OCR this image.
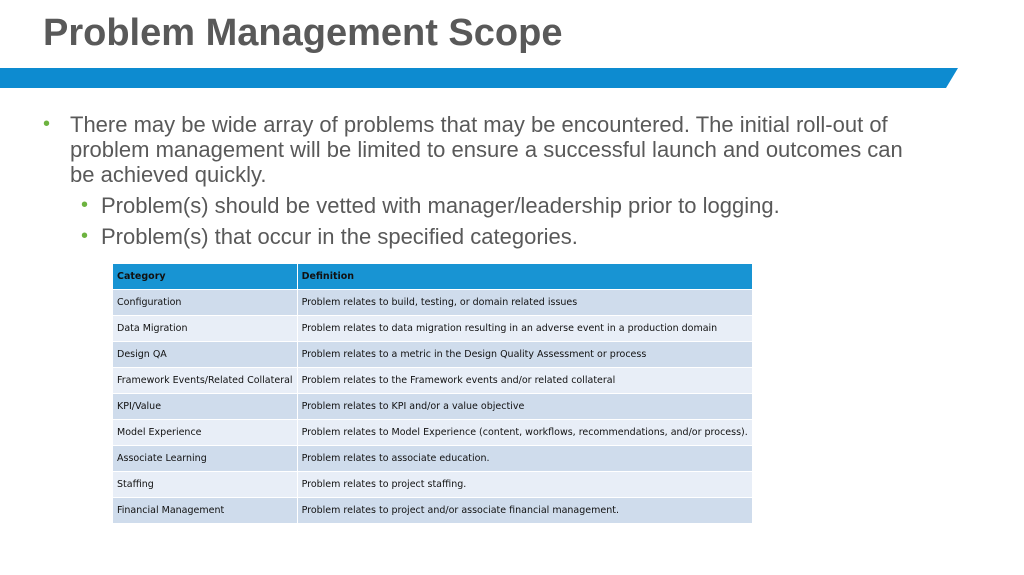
Problem Management Scope
• There may be wide array of problems that may be encountered. The initial roll-out of problem management will be limited to ensure a successful launch and outcomes can be achieved quickly.
• Problem(s) should be vetted with manager/leadership prior to logging.
• Problem(s) that occur in the specified categories.
Category	Definition
Configuration	Problem relates to build, testing, or domain related issues
Data Migration	Problem relates to data migration resulting in an adverse event in a production domain
Design QA	Problem relates to a metric in the Design Quality Assessment or process
Framework Events/Related Collateral	Problem relates to the Framework events and/or related collateral
KPI/Value	Problem relates to KPI and/or a value objective
Model Experience	Problem relates to Model Experience (content, workflows, recommendations, and/or process).
Associate Learning	Problem relates to associate education.
Staffing	Problem relates to project staffing.
Financial Management	Problem relates to project and/or associate financial management.
